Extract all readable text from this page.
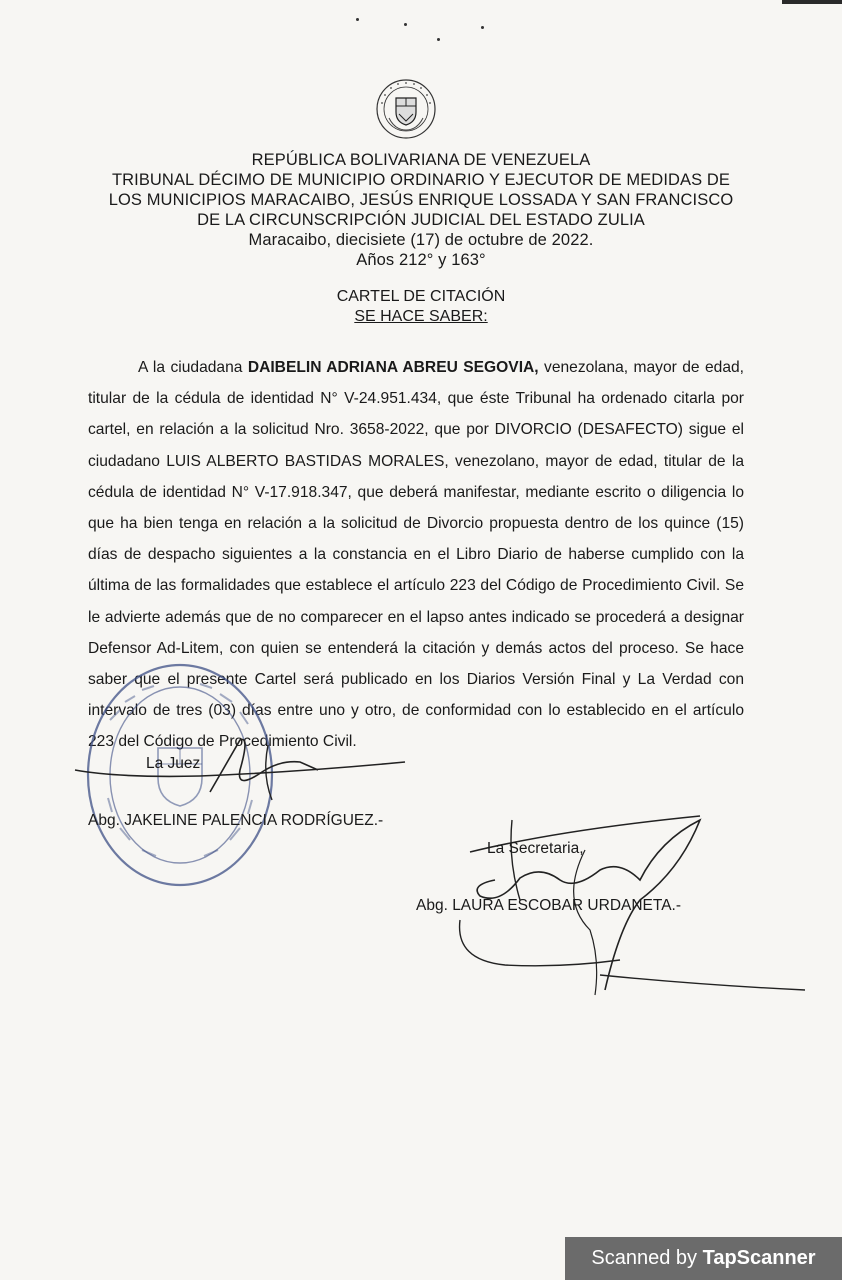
REPÚBLICA BOLIVARIANA DE VENEZUELA
TRIBUNAL DÉCIMO DE MUNICIPIO ORDINARIO Y EJECUTOR DE MEDIDAS DE
LOS MUNICIPIOS MARACAIBO, JESÚS ENRIQUE LOSSADA Y SAN FRANCISCO
DE LA CIRCUNSCRIPCIÓN JUDICIAL DEL ESTADO ZULIA
Maracaibo, diecisiete (17) de octubre de 2022.
Años 212° y 163°
CARTEL DE CITACIÓN
SE HACE SABER:
A la ciudadana DAIBELIN ADRIANA ABREU SEGOVIA, venezolana, mayor de edad, titular de la cédula de identidad N° V-24.951.434, que éste Tribunal ha ordenado citarla por cartel, en relación a la solicitud Nro. 3658-2022, que por DIVORCIO (DESAFECTO) sigue el ciudadano LUIS ALBERTO BASTIDAS MORALES, venezolano, mayor de edad, titular de la cédula de identidad N° V-17.918.347, que deberá manifestar, mediante escrito o diligencia lo que ha bien tenga en relación a la solicitud de Divorcio propuesta dentro de los quince (15) días de despacho siguientes a la constancia en el Libro Diario de haberse cumplido con la última de las formalidades que establece el artículo 223 del Código de Procedimiento Civil. Se le advierte además que de no comparecer en el lapso antes indicado se procederá a designar Defensor Ad-Litem, con quien se entenderá la citación y demás actos del proceso. Se hace saber que el presente Cartel será publicado en los Diarios Versión Final y La Verdad con intervalo de tres (03) días entre uno y otro, de conformidad con lo establecido en el artículo 223 del Código de Procedimiento Civil.
La Juez
Abg. JAKELINE PALENCIA RODRÍGUEZ.-
La Secretaria,
Abg. LAURA ESCOBAR URDANETA.-
Scanned by TapScanner
